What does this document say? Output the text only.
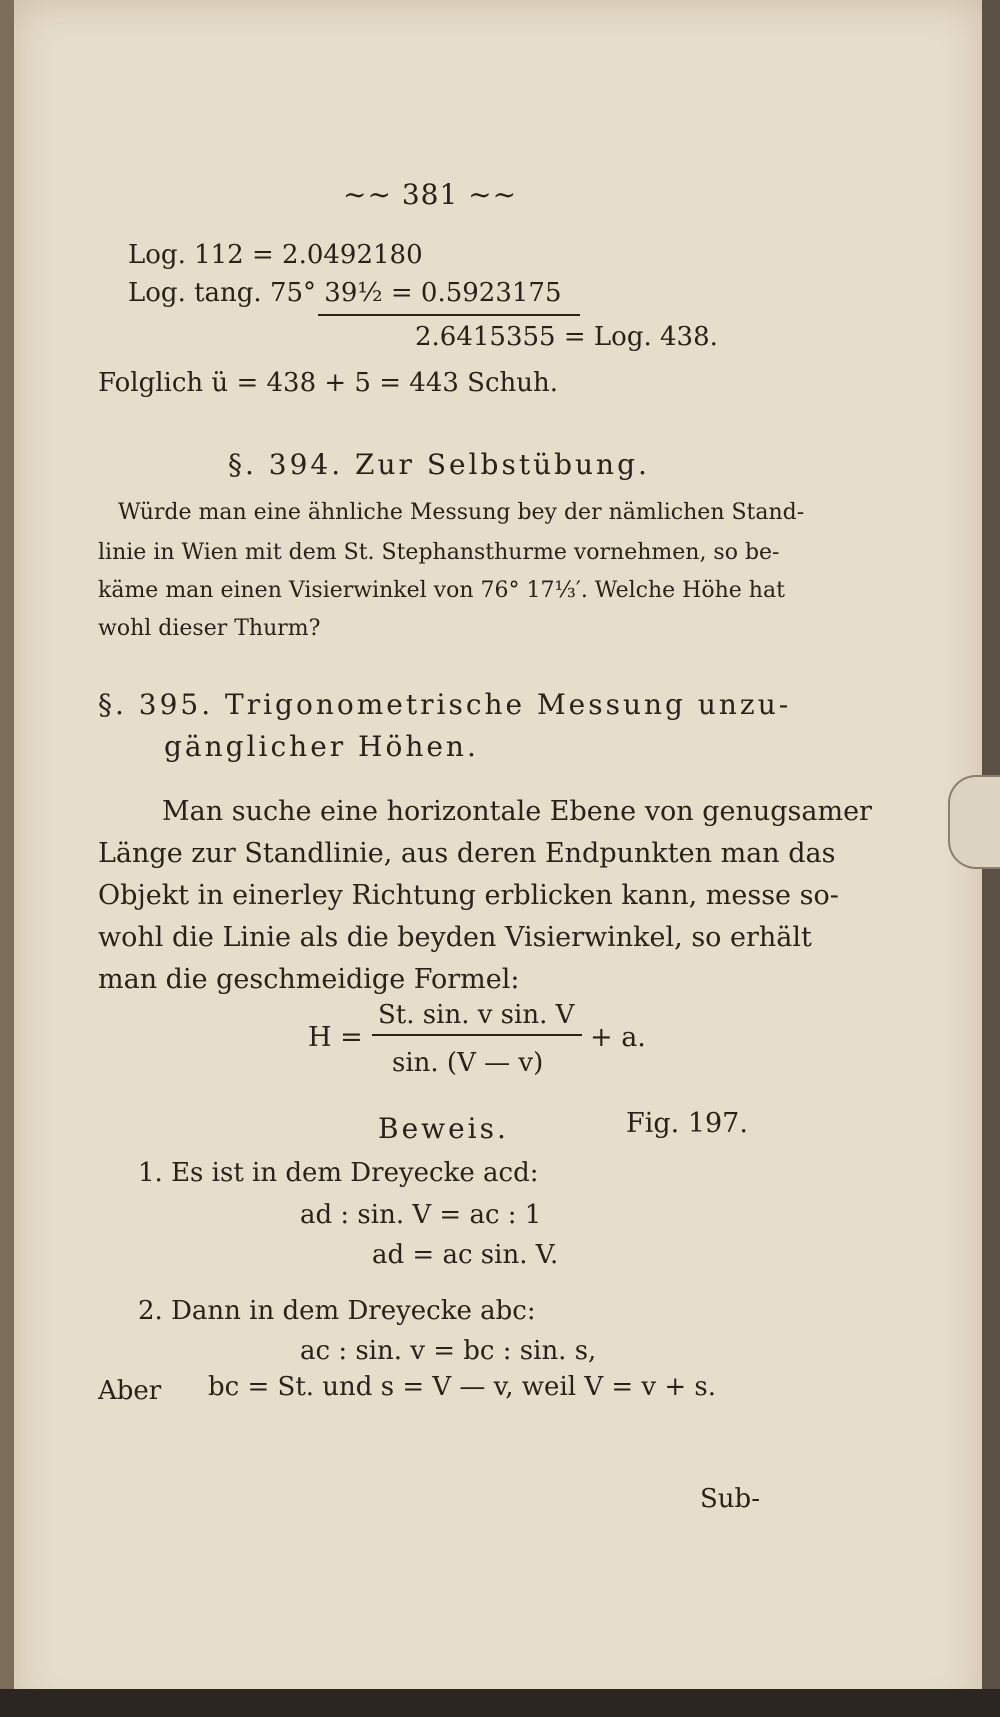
∼∼ 381 ∼∼
Log. 112 = 2.0492180
Log. tang. 75° 39½ = 0.5923175
2.6415355 = Log. 438.
Folglich ü = 438 + 5 = 443 Schuh.
§. 394. Zur Selbstübung.
Würde man eine ähnliche Messung bey der nämlichen Stand-
linie in Wien mit dem St. Stephansthurme vornehmen, so be-
käme man einen Visierwinkel von 76° 17⅓′. Welche Höhe hat
wohl dieser Thurm?
§. 395. Trigonometrische Messung unzu-
gänglicher Höhen.
Man suche eine horizontale Ebene von genugsamer
Länge zur Standlinie, aus deren Endpunkten man das
Objekt in einerley Richtung erblicken kann, messe so-
wohl die Linie als die beyden Visierwinkel, so erhält
man die geschmeidige Formel:
H =
St. sin. v sin. V
sin. (V — v)
+ a.
Beweis.	Fig. 197.
1. Es ist in dem Dreyecke acd:
ad : sin. V = ac : 1
ad = ac sin. V.
2. Dann in dem Dreyecke abc:
ac : sin. v = bc : sin. s,
Aber bc = St. und s = V — v, weil V = v + s.
Sub-
